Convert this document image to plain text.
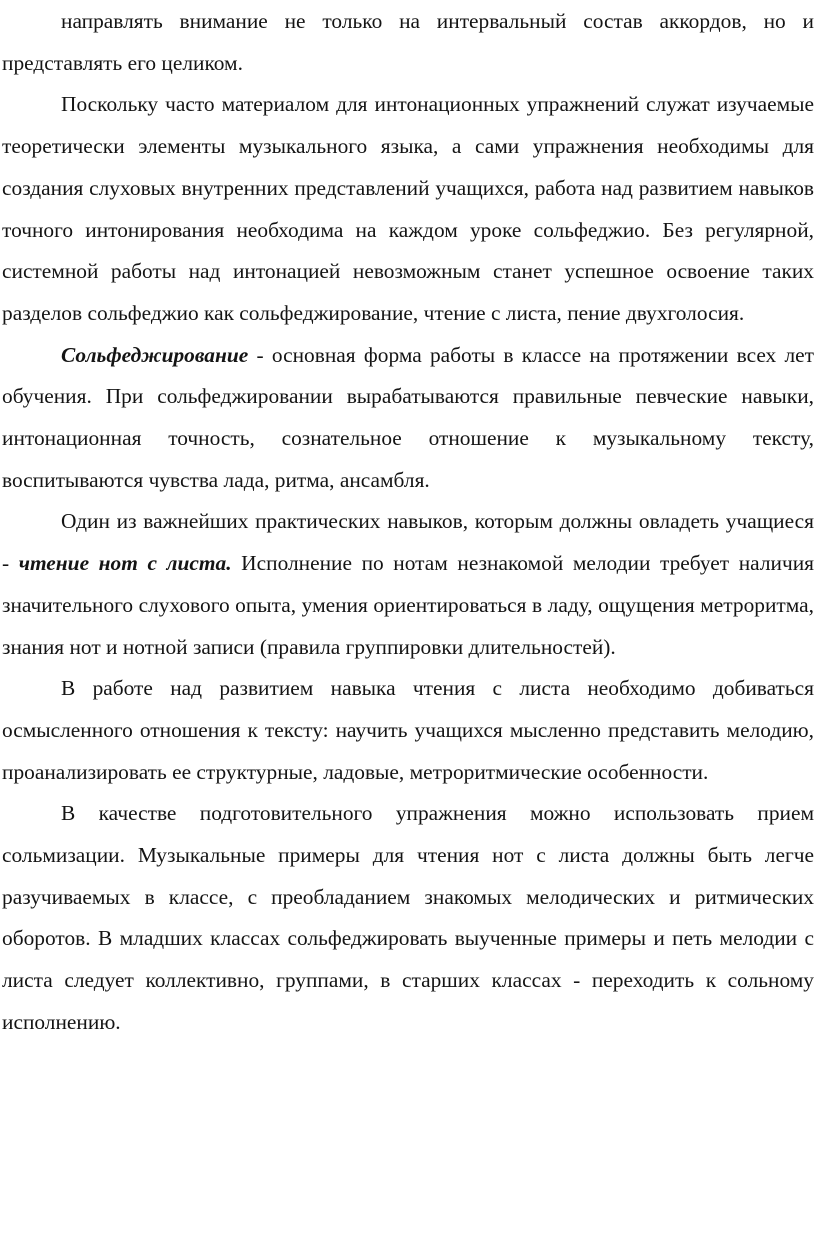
направлять внимание не только на интервальный состав аккордов, но и представлять его целиком.

Поскольку часто материалом для интонационных упражнений служат изучаемые теоретически элементы музыкального языка, а сами упражнения необходимы для создания слуховых внутренних представлений учащихся, работа над развитием навыков точного интонирования необходима на каждом уроке сольфеджио. Без регулярной, системной работы над интонацией невозможным станет успешное освоение таких разделов сольфеджио как сольфеджирование, чтение с листа, пение двухголосия.

Сольфеджирование - основная форма работы в классе на протяжении всех лет обучения. При сольфеджировании вырабатываются правильные певческие навыки, интонационная точность, сознательное отношение к музыкальному тексту, воспитываются чувства лада, ритма, ансамбля.

Один из важнейших практических навыков, которым должны овладеть учащиеся - чтение нот с листа. Исполнение по нотам незнакомой мелодии требует наличия значительного слухового опыта, умения ориентироваться в ладу, ощущения метроритма, знания нот и нотной записи (правила группировки длительностей).

В работе над развитием навыка чтения с листа необходимо добиваться осмысленного отношения к тексту: научить учащихся мысленно представить мелодию, проанализировать ее структурные, ладовые, метроритмические особенности.

В качестве подготовительного упражнения можно использовать прием сольмизации. Музыкальные примеры для чтения нот с листа должны быть легче разучиваемых в классе, с преобладанием знакомых мелодических и ритмических оборотов. В младших классах сольфеджировать выученные примеры и петь мелодии с листа следует коллективно, группами, в старших классах - переходить к сольному исполнению.
